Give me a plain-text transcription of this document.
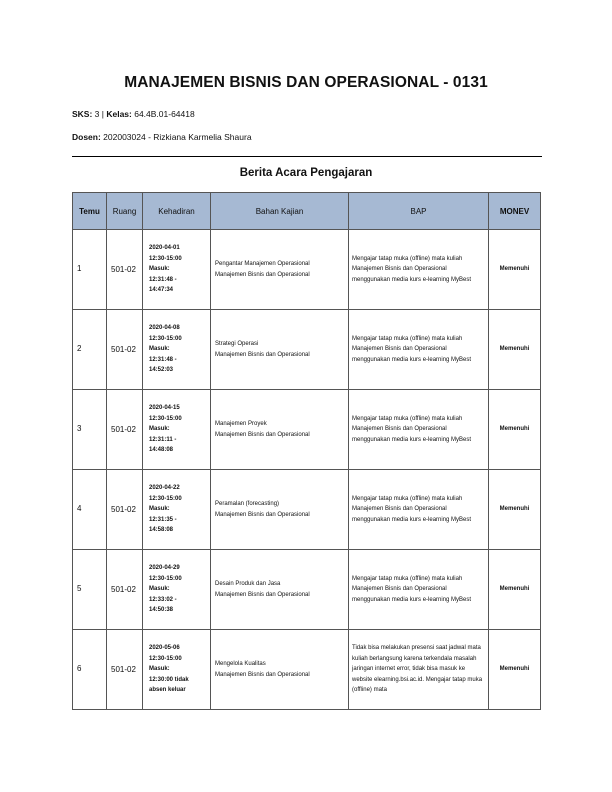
MANAJEMEN BISNIS DAN OPERASIONAL - 0131
SKS: 3 | Kelas: 64.4B.01-64418
Dosen: 202003024 - Rizkiana Karmelia Shaura
Berita Acara Pengajaran
Temu	Ruang	Kehadiran	Bahan Kajian	BAP	MONEV
1	501-02	2020-04-01
12:30-15:00
Masuk:
12:31:48 -
14:47:34	Pengantar Manajemen Operasional
Manajemen Bisnis dan Operasional	Mengajar tatap muka (offline) mata kuliah Manajemen Bisnis dan Operasional menggunakan media kurs e-learning MyBest	Memenuhi
2	501-02	2020-04-08
12:30-15:00
Masuk:
12:31:48 -
14:52:03	Strategi Operasi
Manajemen Bisnis dan Operasional	Mengajar tatap muka (offline) mata kuliah Manajemen Bisnis dan Operasional menggunakan media kurs e-learning MyBest	Memenuhi
3	501-02	2020-04-15
12:30-15:00
Masuk:
12:31:11 -
14:48:08	Manajemen Proyek
Manajemen Bisnis dan Operasional	Mengajar tatap muka (offline) mata kuliah Manajemen Bisnis dan Operasional menggunakan media kurs e-learning MyBest	Memenuhi
4	501-02	2020-04-22
12:30-15:00
Masuk:
12:31:35 -
14:58:08	Peramalan (forecasting)
Manajemen Bisnis dan Operasional	Mengajar tatap muka (offline) mata kuliah Manajemen Bisnis dan Operasional menggunakan media kurs e-learning MyBest	Memenuhi
5	501-02	2020-04-29
12:30-15:00
Masuk:
12:33:02 -
14:50:38	Desain Produk dan Jasa
Manajemen Bisnis dan Operasional	Mengajar tatap muka (offline) mata kuliah Manajemen Bisnis dan Operasional menggunakan media kurs e-learning MyBest	Memenuhi
6	501-02	2020-05-06
12:30-15:00
Masuk:
12:30:00 tidak
absen keluar	Mengelola Kualitas
Manajemen Bisnis dan Operasional	Tidak bisa melakukan presensi saat jadwal mata kuliah berlangsung karena terkendala masalah jaringan internet error, tidak bisa masuk ke website elearning.bsi.ac.id. Mengajar tatap muka (offline) mata	Memenuhi
